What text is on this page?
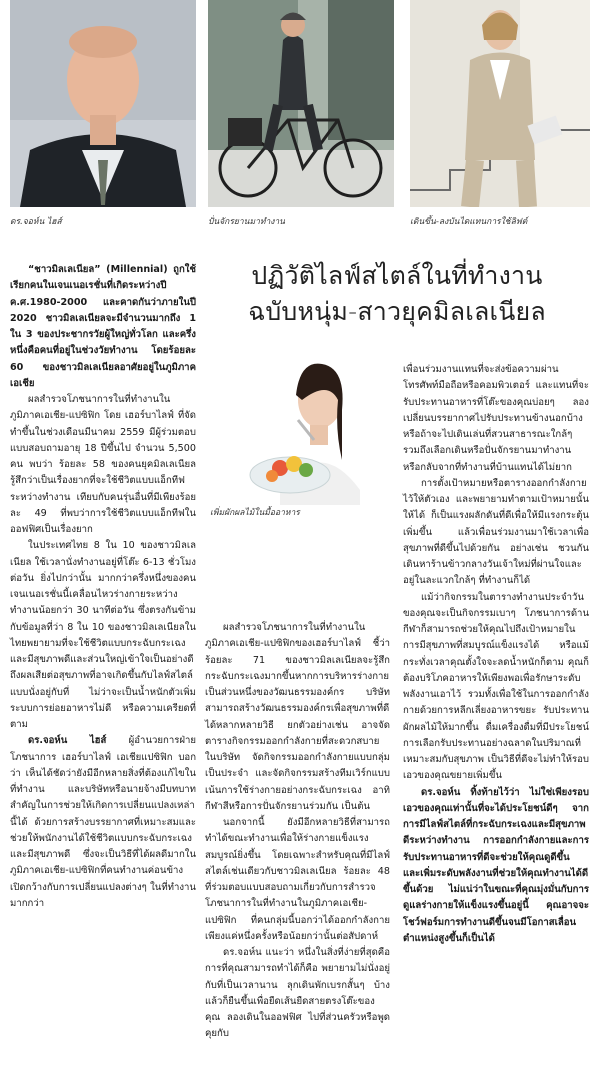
ดร.จอห์น ไฮส์	ปั่นจักรยานมาทำงาน	เดินขึ้น-ลงบันไดแทนการใช้ลิฟต์

“ชาวมิลเลเนียล” (Millennial) ถูกใช้เรียกคนในเจนเนอเรชั่นที่เกิดระหว่างปี ค.ศ.1980-2000 และคาดกันว่าภายในปี 2020 ชาวมิลเลเนียลจะมีจำนวนมากถึง 1 ใน 3 ของประชากรวัยผู้ใหญ่ทั่วโลก และครึ่งหนึ่งคือคนที่อยู่ในช่วงวัยทำงาน โดยร้อยละ 60 ของชาวมิลเลเนียลอาศัยอยู่ในภูมิภาคเอเชีย

ผลสำรวจโภชนาการในที่ทำงานในภูมิภาคเอเชีย-แปซิฟิก โดย เฮอร์บาไลฟ์ ที่จัดทำขึ้นในช่วงเดือนมีนาคม 2559 มีผู้ร่วมตอบแบบสอบถามอายุ 18 ปีขึ้นไป จำนวน 5,500 คน พบว่า ร้อยละ 58 ของคนยุคมิลเลเนียล รู้สึกว่าเป็นเรื่องยากที่จะใช้ชีวิตแบบแอ็กทีฟระหว่างทำงาน เทียบกับคนรุ่นอื่นที่มีเพียงร้อยละ 49 ที่พบว่าการใช้ชีวิตแบบแอ็กทีฟในออฟฟิศเป็นเรื่องยาก

ในประเทศไทย 8 ใน 10 ของชาวมิลเลเนียล ใช้เวลานั่งทำงานอยู่ที่โต๊ะ 6-13 ชั่วโมงต่อวัน ยิ่งไปกว่านั้น มากกว่าครึ่งหนึ่งของคนเจนเนอเรชั่นนี้เคลื่อนไหวร่างกายระหว่างทำงานน้อยกว่า 30 นาทีต่อวัน ซึ่งตรงกันข้ามกับข้อมูลที่ว่า 8 ใน 10 ของชาวมิลเลเนียลในไทยพยายามที่จะใช้ชีวิตแบบกระฉับกระเฉงและมีสุขภาพดีและส่วนใหญ่เข้าใจเป็นอย่างดีถึงผลเสียต่อสุขภาพที่อาจเกิดขึ้นกับไลฟ์สไตล์แบบนั่งอยู่กับที่ ไม่ว่าจะเป็นน้ำหนักตัวเพิ่ม ระบบการย่อยอาหารไม่ดี หรือความเครียดที่ตาม

ดร.จอห์น ไฮส์ ผู้อำนวยการฝ่ายโภชนาการ เฮอร์บาไลฟ์ เอเชียแปซิฟิก บอกว่า เห็นได้ชัดว่ายังมีอีกหลายสิ่งที่ต้องแก้ไขในที่ทำงาน และบริษัทหรือนายจ้างมีบทบาทสำคัญในการช่วยให้เกิดการเปลี่ยนแปลงเหล่านี้ได้ ด้วยการสร้างบรรยากาศที่เหมาะสมและช่วยให้พนักงานได้ใช้ชีวิตแบบกระฉับกระเฉงและมีสุขภาพดี ซึ่งจะเป็นวิธีที่ได้ผลดีมากในภูมิภาคเอเชีย-แปซิฟิกที่คนทำงานค่อนข้างเปิดกว้างกับการเปลี่ยนแปลงต่างๆ ในที่ทำงานมากกว่า

ปฏิวัติไลฟ์สไตล์ในที่ทำงาน
ฉบับหนุ่ม-สาวยุคมิลเลเนียล
เพิ่มผักผลไม้ในมื้ออาหาร

ผลสำรวจโภชนาการในที่ทำงานในภูมิภาคเอเชีย-แปซิฟิกของเฮอร์บาไลฟ์ ชี้ว่า ร้อยละ 71 ของชาวมิลเลเนียลจะรู้สึกกระฉับกระเฉงมากขึ้นหากการบริหารร่างกายเป็นส่วนหนึ่งของวัฒนธรรมองค์กร บริษัทสามารถสร้างวัฒนธรรมองค์กรเพื่อสุขภาพที่ดีได้หลากหลายวิธี ยกตัวอย่างเช่น อาจจัดตารางกิจกรรมออกกำลังกายที่สะดวกสบายในบริษัท จัดกิจกรรมออกกำลังกายแบบกลุ่มเป็นประจำ และจัดกิจกรรมสร้างทีมเวิร์กแบบเน้นการใช้ร่างกายอย่างกระฉับกระเฉง อาทิ กีฬาสีหรือการปั่นจักรยานร่วมกัน เป็นต้น

นอกจากนี้ ยังมีอีกหลายวิธีที่สามารถทำได้ขณะทำงานเพื่อให้ร่างกายแข็งแรงสมบูรณ์ยิ่งขึ้น โดยเฉพาะสำหรับคุณที่มีไลฟ์สไตล์เช่นเดียวกับชาวมิลเลเนียล ร้อยละ 48 ที่ร่วมตอบแบบสอบถามเกี่ยวกับการสำรวจโภชนาการในที่ทำงานในภูมิภาคเอเชีย-แปซิฟิก ที่คนกลุ่มนี้บอกว่าได้ออกกำลังกายเพียงแค่หนึ่งครั้งหรือน้อยกว่านั้นต่อสัปดาห์

ดร.จอห์น แนะว่า หนึ่งในสิ่งที่ง่ายที่สุดคือการที่คุณสามารถทำได้ก็คือ พยายามไม่นั่งอยู่กับที่เป็นเวลานาน ลุกเดินพักเบรกสั้นๆ บ้าง แล้วก็ยืนขึ้นเพื่อยืดเส้นยืดสายตรงโต๊ะของคุณ ลองเดินในออฟฟิศ ไปที่ส่วนครัวหรือพูดคุยกับ

เพื่อนร่วมงานแทนที่จะส่งข้อความผ่านโทรศัพท์มือถือหรือคอมพิวเตอร์ และแทนที่จะรับประทานอาหารที่โต๊ะของคุณบ่อยๆ ลองเปลี่ยนบรรยากาศไปรับประทานข้างนอกบ้าง หรือถ้าจะไปเดินเล่นที่สวนสาธารณะใกล้ๆ รวมถึงเลือกเดินหรือปั่นจักรยานมาทำงาน หรือกลับจากที่ทำงานที่บ้านแทนได้ไม่ยาก

การตั้งเป้าหมายหรือตารางออกกำลังกายไว้ให้ตัวเอง และพยายามทำตามเป้าหมายนั้นให้ได้ ก็เป็นแรงผลักดันที่ดีเพื่อให้มีแรงกระตุ้นเพิ่มขึ้น แล้วเพื่อนร่วมงานมาใช้เวลาเพื่อสุขภาพที่ดีขึ้นไปด้วยกัน อย่างเช่น ชวนกันเดินหาร้านข้าวกลางวันเจ้าใหม่ที่ผ่านใจและอยู่ในละแวกใกล้ๆ ที่ทำงานก็ได้

แม้ว่ากิจกรรมในตารางทำงานประจำวันของคุณจะเป็นกิจกรรมเบาๆ โภชนาการด้านกีฬาก็สามารถช่วยให้คุณไปถึงเป้าหมายในการมีสุขภาพที่สมบูรณ์แข็งแรงได้ หรือแม้กระทั่งเวลาคุณตั้งใจจะลดน้ำหนักก็ตาม คุณก็ต้องบริโภคอาหารให้เพียงพอเพื่อรักษาระดับพลังงานเอาไว้ รวมทั้งเพื่อใช้ในการออกกำลังกายด้วยการหลีกเลี่ยงอาหารขยะ รับประทานผักผลไม้ให้มากขึ้น ดื่มเครื่องดื่มที่มีประโยชน์ การเลือกรับประทานอย่างฉลาดในปริมาณที่เหมาะสมกับสุขภาพ เป็นวิธีที่ดีจะไม่ทำให้รอบเอวของคุณขยายเพิ่มขึ้น

ดร.จอห์น ทิ้งท้ายไว้ว่า ไม่ใช่เพียงรอบเอวของคุณเท่านั้นที่จะได้ประโยชน์ดีๆ จากการมีไลฟ์สไตล์ที่กระฉับกระเฉงและมีสุขภาพดีระหว่างทำงาน การออกกำลังกายและการรับประทานอาหารที่ดีจะช่วยให้คุณดูดีขึ้น และเพิ่มระดับพลังงานที่ช่วยให้คุณทำงานได้ดีขึ้นด้วย ไม่แน่ว่าในขณะที่คุณมุ่งมั่นกับการดูแลร่างกายให้แข็งแรงขึ้นอยู่นี้ คุณอาจจะโชว์ฟอร์มการทำงานดีขึ้นจนมีโอกาสเลื่อนตำแหน่งสูงขึ้นก็เป็นได้
